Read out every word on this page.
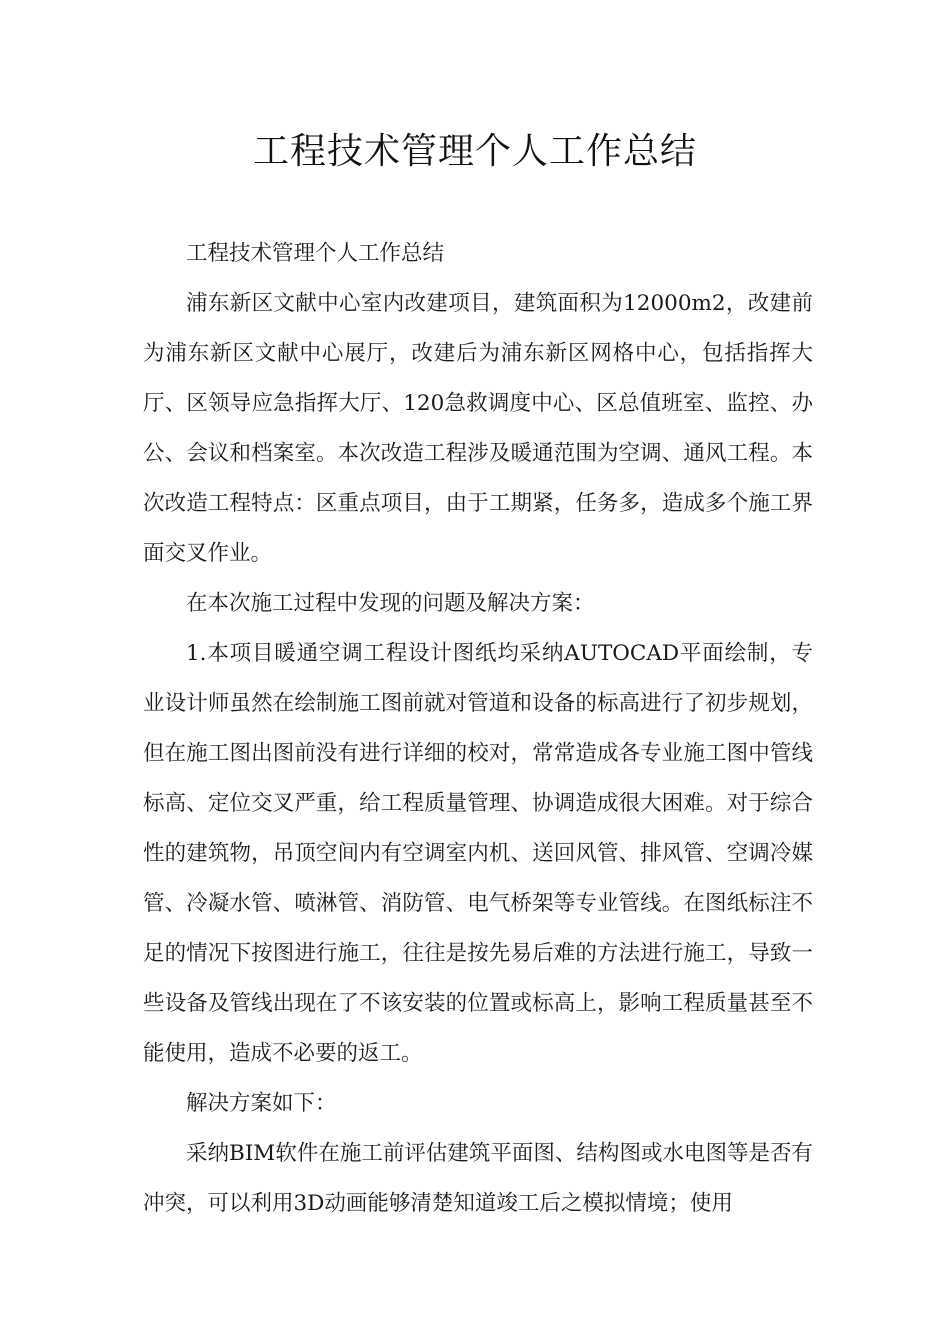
工程技术管理个人工作总结

工程技术管理个人工作总结

浦东新区文献中心室内改建项目，建筑面积为12000m2，改建前为浦东新区文献中心展厅，改建后为浦东新区网格中心，包括指挥大厅、区领导应急指挥大厅、120急救调度中心、区总值班室、监控、办公、会议和档案室。本次改造工程涉及暖通范围为空调、通风工程。本次改造工程特点：区重点项目，由于工期紧，任务多，造成多个施工界面交叉作业。

在本次施工过程中发现的问题及解决方案：

1.本项目暖通空调工程设计图纸均采纳AUTOCAD平面绘制，专业设计师虽然在绘制施工图前就对管道和设备的标高进行了初步规划，但在施工图出图前没有进行详细的校对，常常造成各专业施工图中管线标高、定位交叉严重，给工程质量管理、协调造成很大困难。对于综合性的建筑物，吊顶空间内有空调室内机、送回风管、排风管、空调冷媒管、冷凝水管、喷淋管、消防管、电气桥架等专业管线。在图纸标注不足的情况下按图进行施工，往往是按先易后难的方法进行施工，导致一些设备及管线出现在了不该安装的位置或标高上，影响工程质量甚至不能使用，造成不必要的返工。

解决方案如下：

采纳BIM软件在施工前评估建筑平面图、结构图或水电图等是否有冲突，可以利用3D动画能够清楚知道竣工后之模拟情境；使用
